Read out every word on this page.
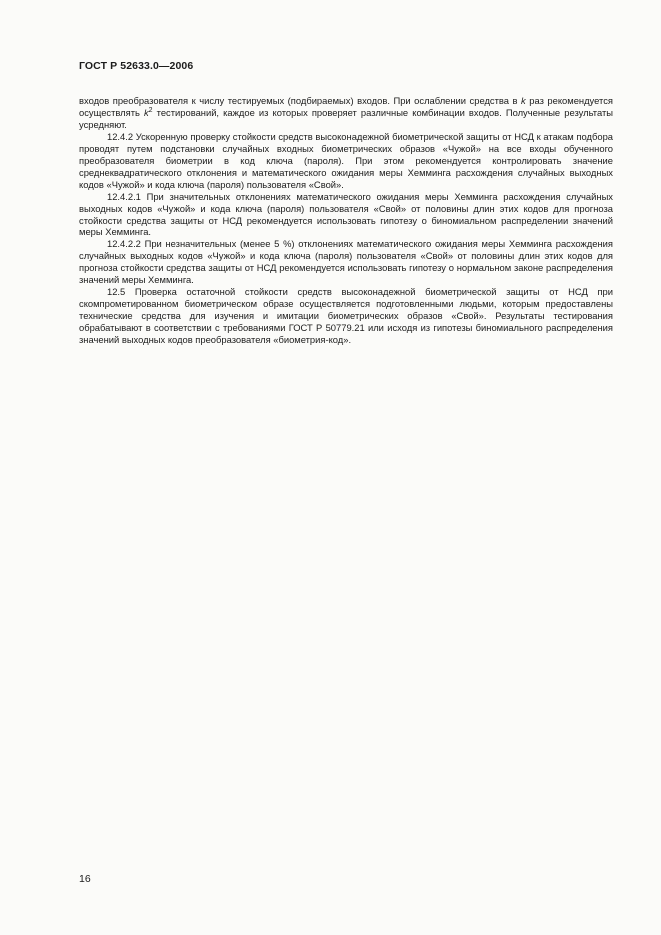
ГОСТ Р 52633.0—2006

входов преобразователя к числу тестируемых (подбираемых) входов. При ослаблении средства в k раз рекомендуется осуществлять $k^2$ тестирований, каждое из которых проверяет различные комбинации входов. Полученные результаты усредняют.

12.4.2 Ускоренную проверку стойкости средств высоконадежной биометрической защиты от НСД к атакам подбора проводят путем подстановки случайных входных биометрических образов «Чужой» на все входы обученного преобразователя биометрии в код ключа (пароля). При этом рекомендуется контролировать значение среднеквадратического отклонения и математического ожидания меры Хемминга расхождения случайных выходных кодов «Чужой» и кода ключа (пароля) пользователя «Свой».

12.4.2.1 При значительных отклонениях математического ожидания меры Хемминга расхождения случайных выходных кодов «Чужой» и кода ключа (пароля) пользователя «Свой» от половины длин этих кодов для прогноза стойкости средства защиты от НСД рекомендуется использовать гипотезу о биномиальном распределении значений меры Хемминга.

12.4.2.2 При незначительных (менее 5 %) отклонениях математического ожидания меры Хемминга расхождения случайных выходных кодов «Чужой» и кода ключа (пароля) пользователя «Свой» от половины длин этих кодов для прогноза стойкости средства защиты от НСД рекомендуется использовать гипотезу о нормальном законе распределения значений меры Хемминга.

12.5 Проверка остаточной стойкости средств высоконадежной биометрической защиты от НСД при скомпрометированном биометрическом образе осуществляется подготовленными людьми, которым предоставлены технические средства для изучения и имитации биометрических образов «Свой». Результаты тестирования обрабатывают в соответствии с требованиями ГОСТ Р 50779.21 или исходя из гипотезы биномиального распределения значений выходных кодов преобразователя «биометрия-код».

16
